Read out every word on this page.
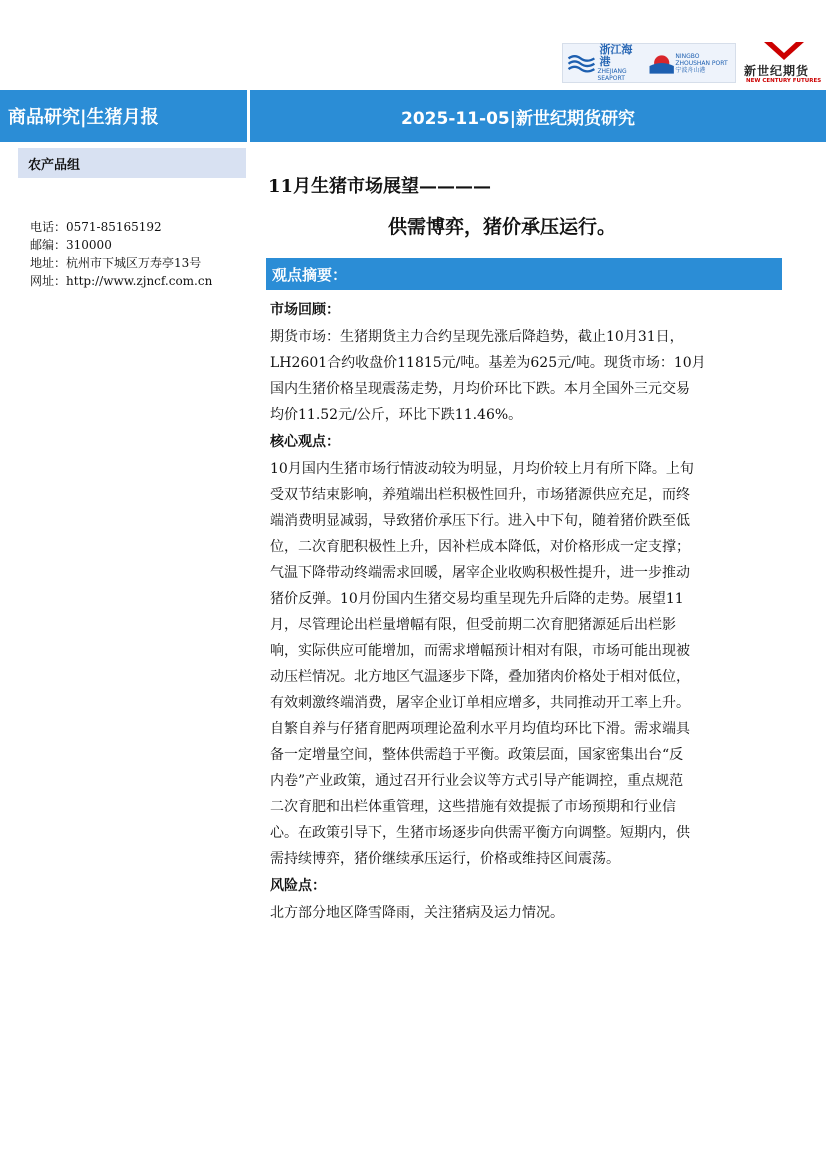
浙江海港
ZHEJIANG SEAPORT
NINGBO ZHOUSHAN PORT
宁波舟山港	新世纪期货
NEW CENTURY FUTURES
商品研究|生猪月报	2025-11-05|新世纪期货研究
农产品组
电话：0571-85165192
邮编：310000
地址：杭州市下城区万寿亭13号
网址：http://www.zjncf.com.cn
11月生猪市场展望————
供需博弈，猪价承压运行。
观点摘要：
市场回顾：
期货市场：生猪期货主力合约呈现先涨后降趋势，截止10月31日，
LH2601合约收盘价11815元/吨。基差为625元/吨。现货市场：10月
国内生猪价格呈现震荡走势，月均价环比下跌。本月全国外三元交易
均价11.52元/公斤，环比下跌11.46%。
核心观点：
10月国内生猪市场行情波动较为明显，月均价较上月有所下降。上旬
受双节结束影响，养殖端出栏积极性回升，市场猪源供应充足，而终
端消费明显减弱，导致猪价承压下行。进入中下旬，随着猪价跌至低
位，二次育肥积极性上升，因补栏成本降低，对价格形成一定支撑；
气温下降带动终端需求回暖，屠宰企业收购积极性提升，进一步推动
猪价反弹。10月份国内生猪交易均重呈现先升后降的走势。展望11
月，尽管理论出栏量增幅有限，但受前期二次育肥猪源延后出栏影
响，实际供应可能增加，而需求增幅预计相对有限，市场可能出现被
动压栏情况。北方地区气温逐步下降，叠加猪肉价格处于相对低位，
有效刺激终端消费，屠宰企业订单相应增多，共同推动开工率上升。
自繁自养与仔猪育肥两项理论盈利水平月均值均环比下滑。需求端具
备一定增量空间，整体供需趋于平衡。政策层面，国家密集出台“反
内卷”产业政策，通过召开行业会议等方式引导产能调控，重点规范
二次育肥和出栏体重管理，这些措施有效提振了市场预期和行业信
心。在政策引导下，生猪市场逐步向供需平衡方向调整。短期内，供
需持续博弈，猪价继续承压运行，价格或维持区间震荡。
风险点：
北方部分地区降雪降雨，关注猪病及运力情况。
